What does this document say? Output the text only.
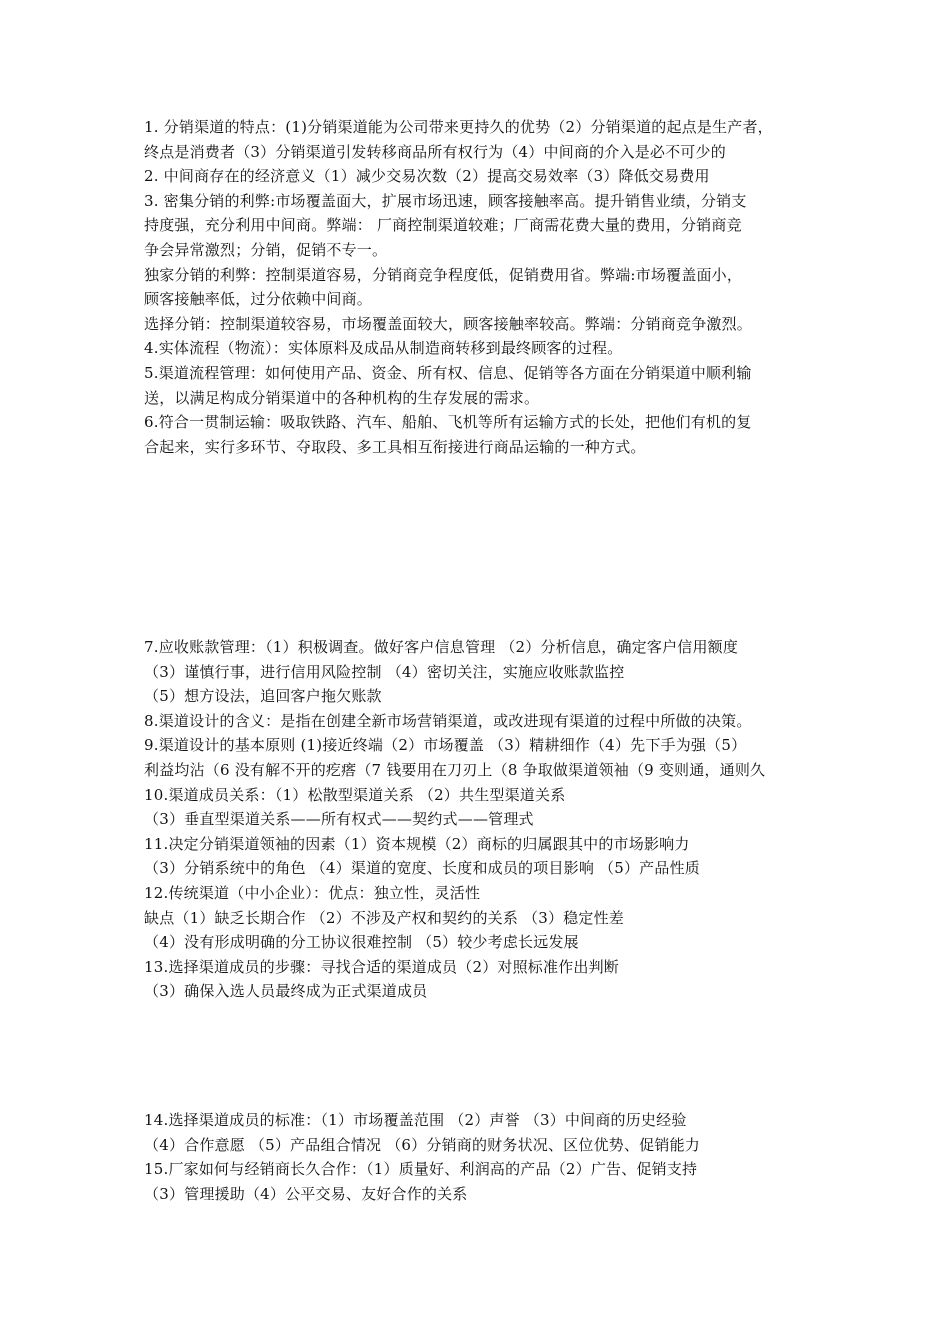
1. 分销渠道的特点：(1)分销渠道能为公司带来更持久的优势（2）分销渠道的起点是生产者，
终点是消费者（3）分销渠道引发转移商品所有权行为（4）中间商的介入是必不可少的
2. 中间商存在的经济意义（1）减少交易次数（2）提高交易效率（3）降低交易费用
3. 密集分销的利弊:市场覆盖面大，扩展市场迅速，顾客接触率高。提升销售业绩，分销支
持度强，充分利用中间商。弊端： 厂商控制渠道较难；厂商需花费大量的费用，分销商竞
争会异常激烈；分销，促销不专一。
独家分销的利弊：控制渠道容易，分销商竞争程度低，促销费用省。弊端:市场覆盖面小，
顾客接触率低，过分依赖中间商。
选择分销：控制渠道较容易，市场覆盖面较大，顾客接触率较高。弊端：分销商竞争激烈。
4.实体流程（物流）：实体原料及成品从制造商转移到最终顾客的过程。
5.渠道流程管理：如何使用产品、资金、所有权、信息、促销等各方面在分销渠道中顺利输
送，以满足构成分销渠道中的各种机构的生存发展的需求。
6.符合一贯制运输：吸取铁路、汽车、船舶、飞机等所有运输方式的长处，把他们有机的复
合起来，实行多环节、夺取段、多工具相互衔接进行商品运输的一种方式。
7.应收账款管理：（1）积极调查。做好客户信息管理 （2）分析信息，确定客户信用额度
（3）谨慎行事，进行信用风险控制 （4）密切关注，实施应收账款监控
（5）想方设法，追回客户拖欠账款
8.渠道设计的含义：是指在创建全新市场营销渠道，或改进现有渠道的过程中所做的决策。
9.渠道设计的基本原则 (1)接近终端（2）市场覆盖 （3）精耕细作（4）先下手为强（5）
利益均沾（6 没有解不开的疙瘩（7 钱要用在刀刃上（8 争取做渠道领袖（9 变则通，通则久
10.渠道成员关系：（1）松散型渠道关系 （2）共生型渠道关系
（3）垂直型渠道关系——所有权式——契约式——管理式
11.决定分销渠道领袖的因素（1）资本规模（2）商标的归属跟其中的市场影响力
（3）分销系统中的角色 （4）渠道的宽度、长度和成员的项目影响 （5）产品性质
12.传统渠道（中小企业）：优点：独立性，灵活性
缺点（1）缺乏长期合作 （2）不涉及产权和契约的关系 （3）稳定性差
（4）没有形成明确的分工协议很难控制 （5）较少考虑长远发展
13.选择渠道成员的步骤：寻找合适的渠道成员（2）对照标准作出判断
（3）确保入选人员最终成为正式渠道成员
14.选择渠道成员的标准：（1）市场覆盖范围 （2）声誉 （3）中间商的历史经验
（4）合作意愿 （5）产品组合情况 （6）分销商的财务状况、区位优势、促销能力
15.厂家如何与经销商长久合作：（1）质量好、利润高的产品（2）广告、促销支持
（3）管理援助（4）公平交易、友好合作的关系
